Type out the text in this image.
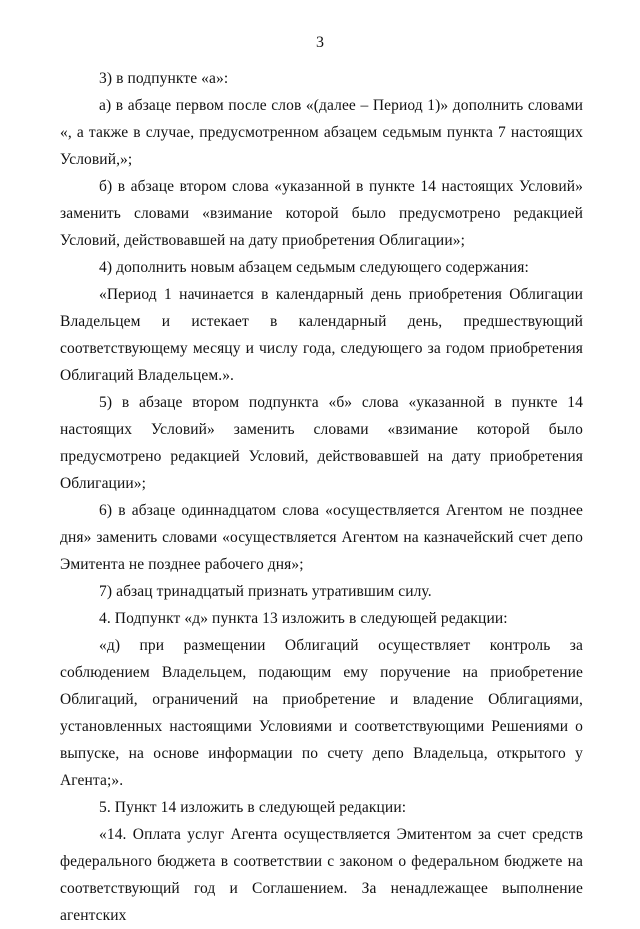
3

3) в подпункте «а»:

а) в абзаце первом после слов «(далее – Период 1)» дополнить словами «, а также в случае, предусмотренном абзацем седьмым пункта 7 настоящих Условий,»;

б) в абзаце втором слова «указанной в пункте 14 настоящих Условий» заменить словами «взимание которой было предусмотрено редакцией Условий, действовавшей на дату приобретения Облигации»;

4) дополнить новым абзацем седьмым следующего содержания:

«Период 1 начинается в календарный день приобретения Облигации Владельцем и истекает в календарный день, предшествующий соответствующему месяцу и числу года, следующего за годом приобретения Облигаций Владельцем.».

5) в абзаце втором подпункта «б» слова «указанной в пункте 14 настоящих Условий» заменить словами «взимание которой было предусмотрено редакцией Условий, действовавшей на дату приобретения Облигации»;

6) в абзаце одиннадцатом слова «осуществляется Агентом не позднее дня» заменить словами «осуществляется Агентом на казначейский счет депо Эмитента не позднее рабочего дня»;

7) абзац тринадцатый признать утратившим силу.

4. Подпункт «д» пункта 13 изложить в следующей редакции:

«д) при размещении Облигаций осуществляет контроль за соблюдением Владельцем, подающим ему поручение на приобретение Облигаций, ограничений на приобретение и владение Облигациями, установленных настоящими Условиями и соответствующими Решениями о выпуске, на основе информации по счету депо Владельца, открытого у Агента;».

5. Пункт 14 изложить в следующей редакции:

«14. Оплата услуг Агента осуществляется Эмитентом за счет средств федерального бюджета в соответствии с законом о федеральном бюджете на соответствующий год и Соглашением. За ненадлежащее выполнение агентских
